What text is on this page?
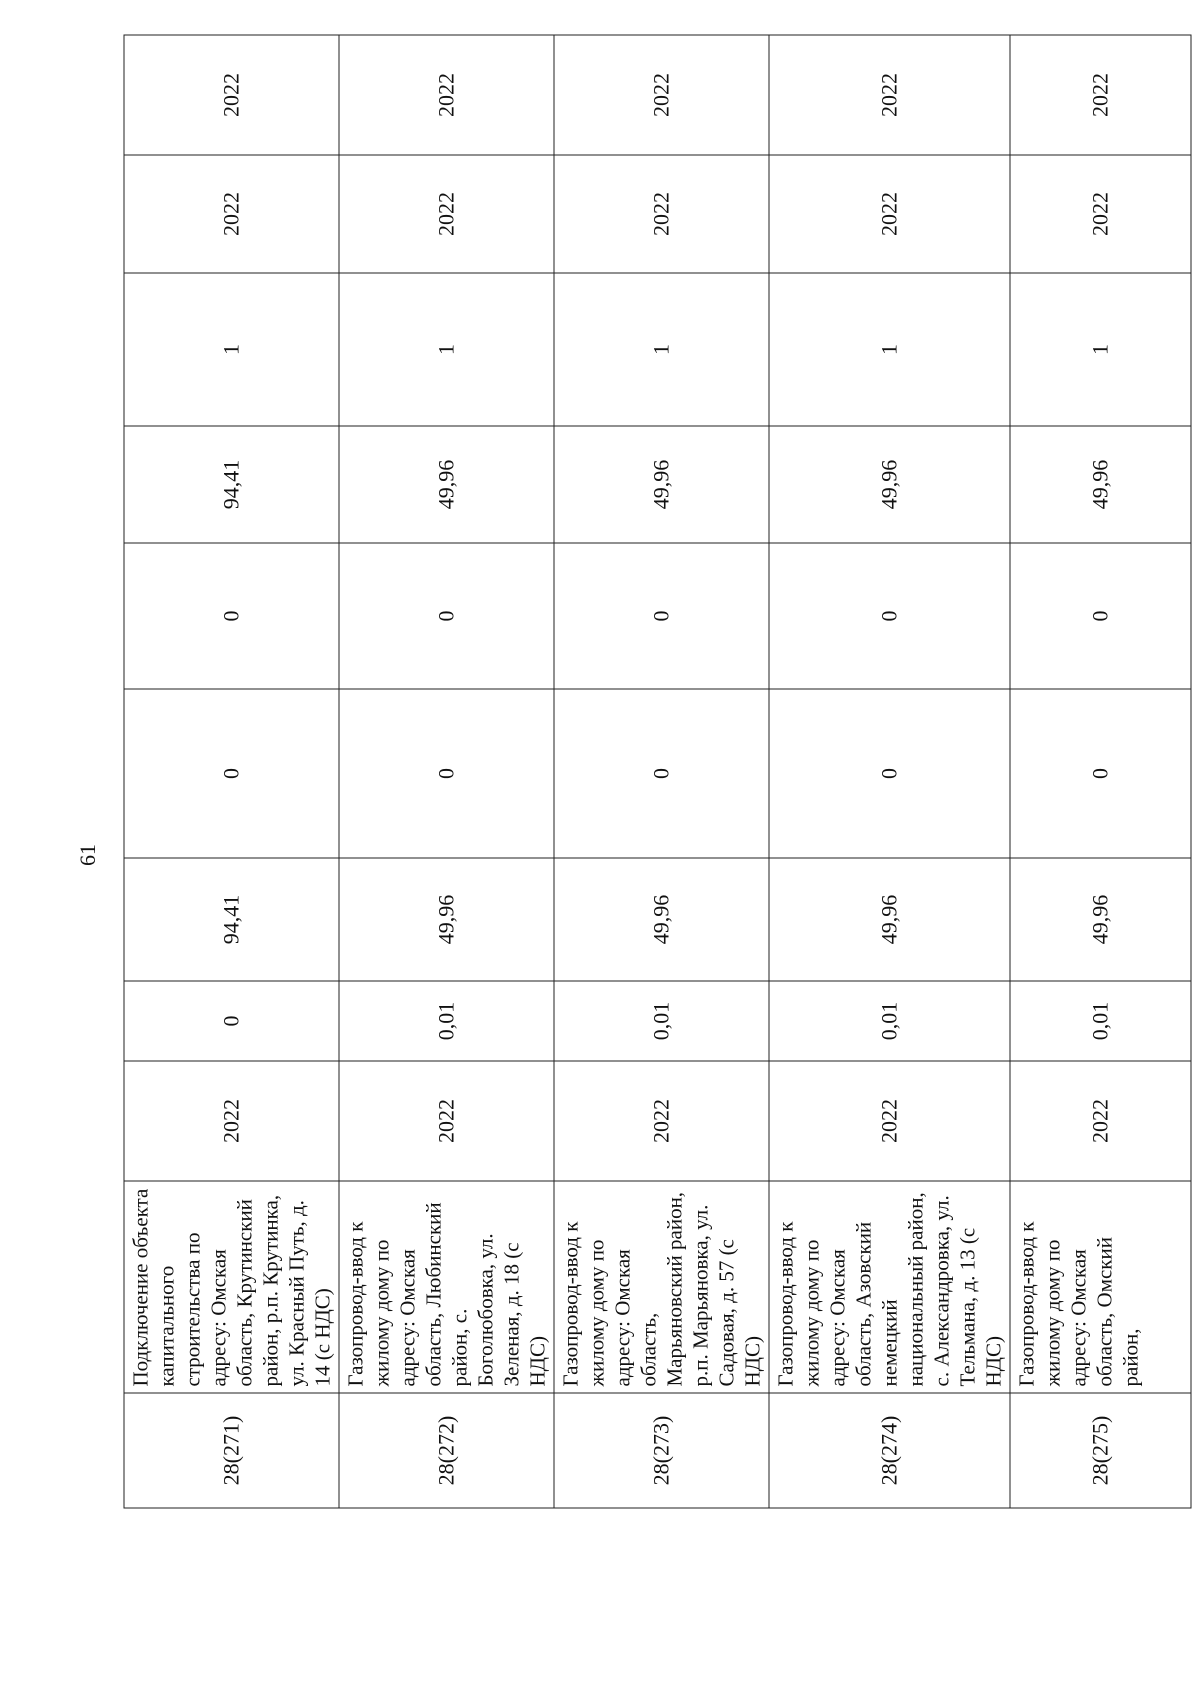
61
28(271)	Подключение объекта капитального строительства по адресу: Омская область, Крутинский район, р.п. Крутинка, ул. Красный Путь, д. 14 (с НДС)	2022	0	94,41	0	0	94,41	1	2022	2022
28(272)	Газопровод-ввод к жилому дому по адресу: Омская область, Любинский район, с. Боголюбовка, ул. Зеленая, д. 18 (с НДС)	2022	0,01	49,96	0	0	49,96	1	2022	2022
28(273)	Газопровод-ввод к жилому дому по адресу: Омская область, Марьяновский район, р.п. Марьяновка, ул. Садовая, д. 57 (с НДС)	2022	0,01	49,96	0	0	49,96	1	2022	2022
28(274)	Газопровод-ввод к жилому дому по адресу: Омская область, Азовский немецкий национальный район, с. Александровка, ул. Тельмана, д. 13 (с НДС)	2022	0,01	49,96	0	0	49,96	1	2022	2022
28(275)	Газопровод-ввод к жилому дому по адресу: Омская область, Омский район,	2022	0,01	49,96	0	0	49,96	1	2022	2022
